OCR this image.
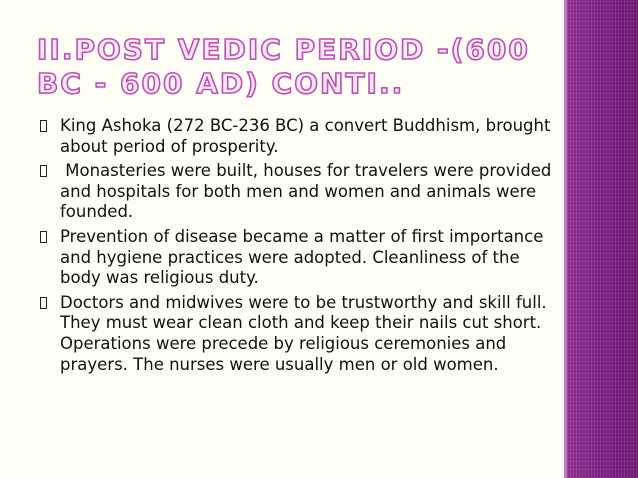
II.POST VEDIC PERIOD -(600 BC - 600 AD) CONTI..
King Ashoka (272 BC-236 BC) a convert Buddhism, brought about period of prosperity.
Monasteries were built, houses for travelers were provided and hospitals for both men and women and animals were founded.
Prevention of disease became a matter of first importance and hygiene practices were adopted. Cleanliness of the body was religious duty.
Doctors and midwives were to be trustworthy and skill full. They must wear clean cloth and keep their nails cut short. Operations were precede by religious ceremonies and prayers. The nurses were usually men or old women.
